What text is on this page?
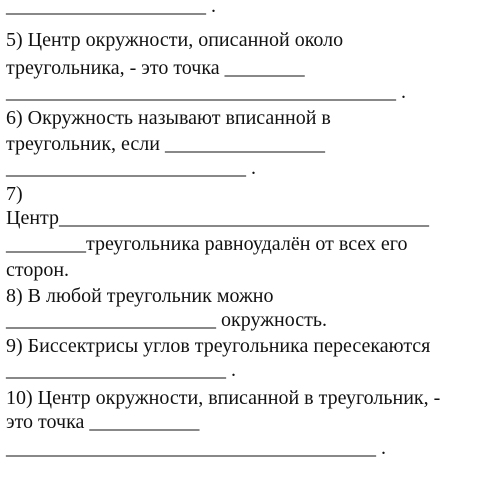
____________________ .
5) Центр окружности, описанной около
треугольника, - это точка ________
_______________________________________ .
6) Окружность называют вписанной в
треугольник, если ________________
________________________ .
7)
Центр_____________________________________
________треугольника равноудалён от всех его
сторон.
8) В любой треугольник можно
_____________________ окружность.
9) Биссектрисы углов треугольника пересекаются
______________________ .
10) Центр окружности, вписанной в треугольник, -
это точка ___________
_____________________________________ .
